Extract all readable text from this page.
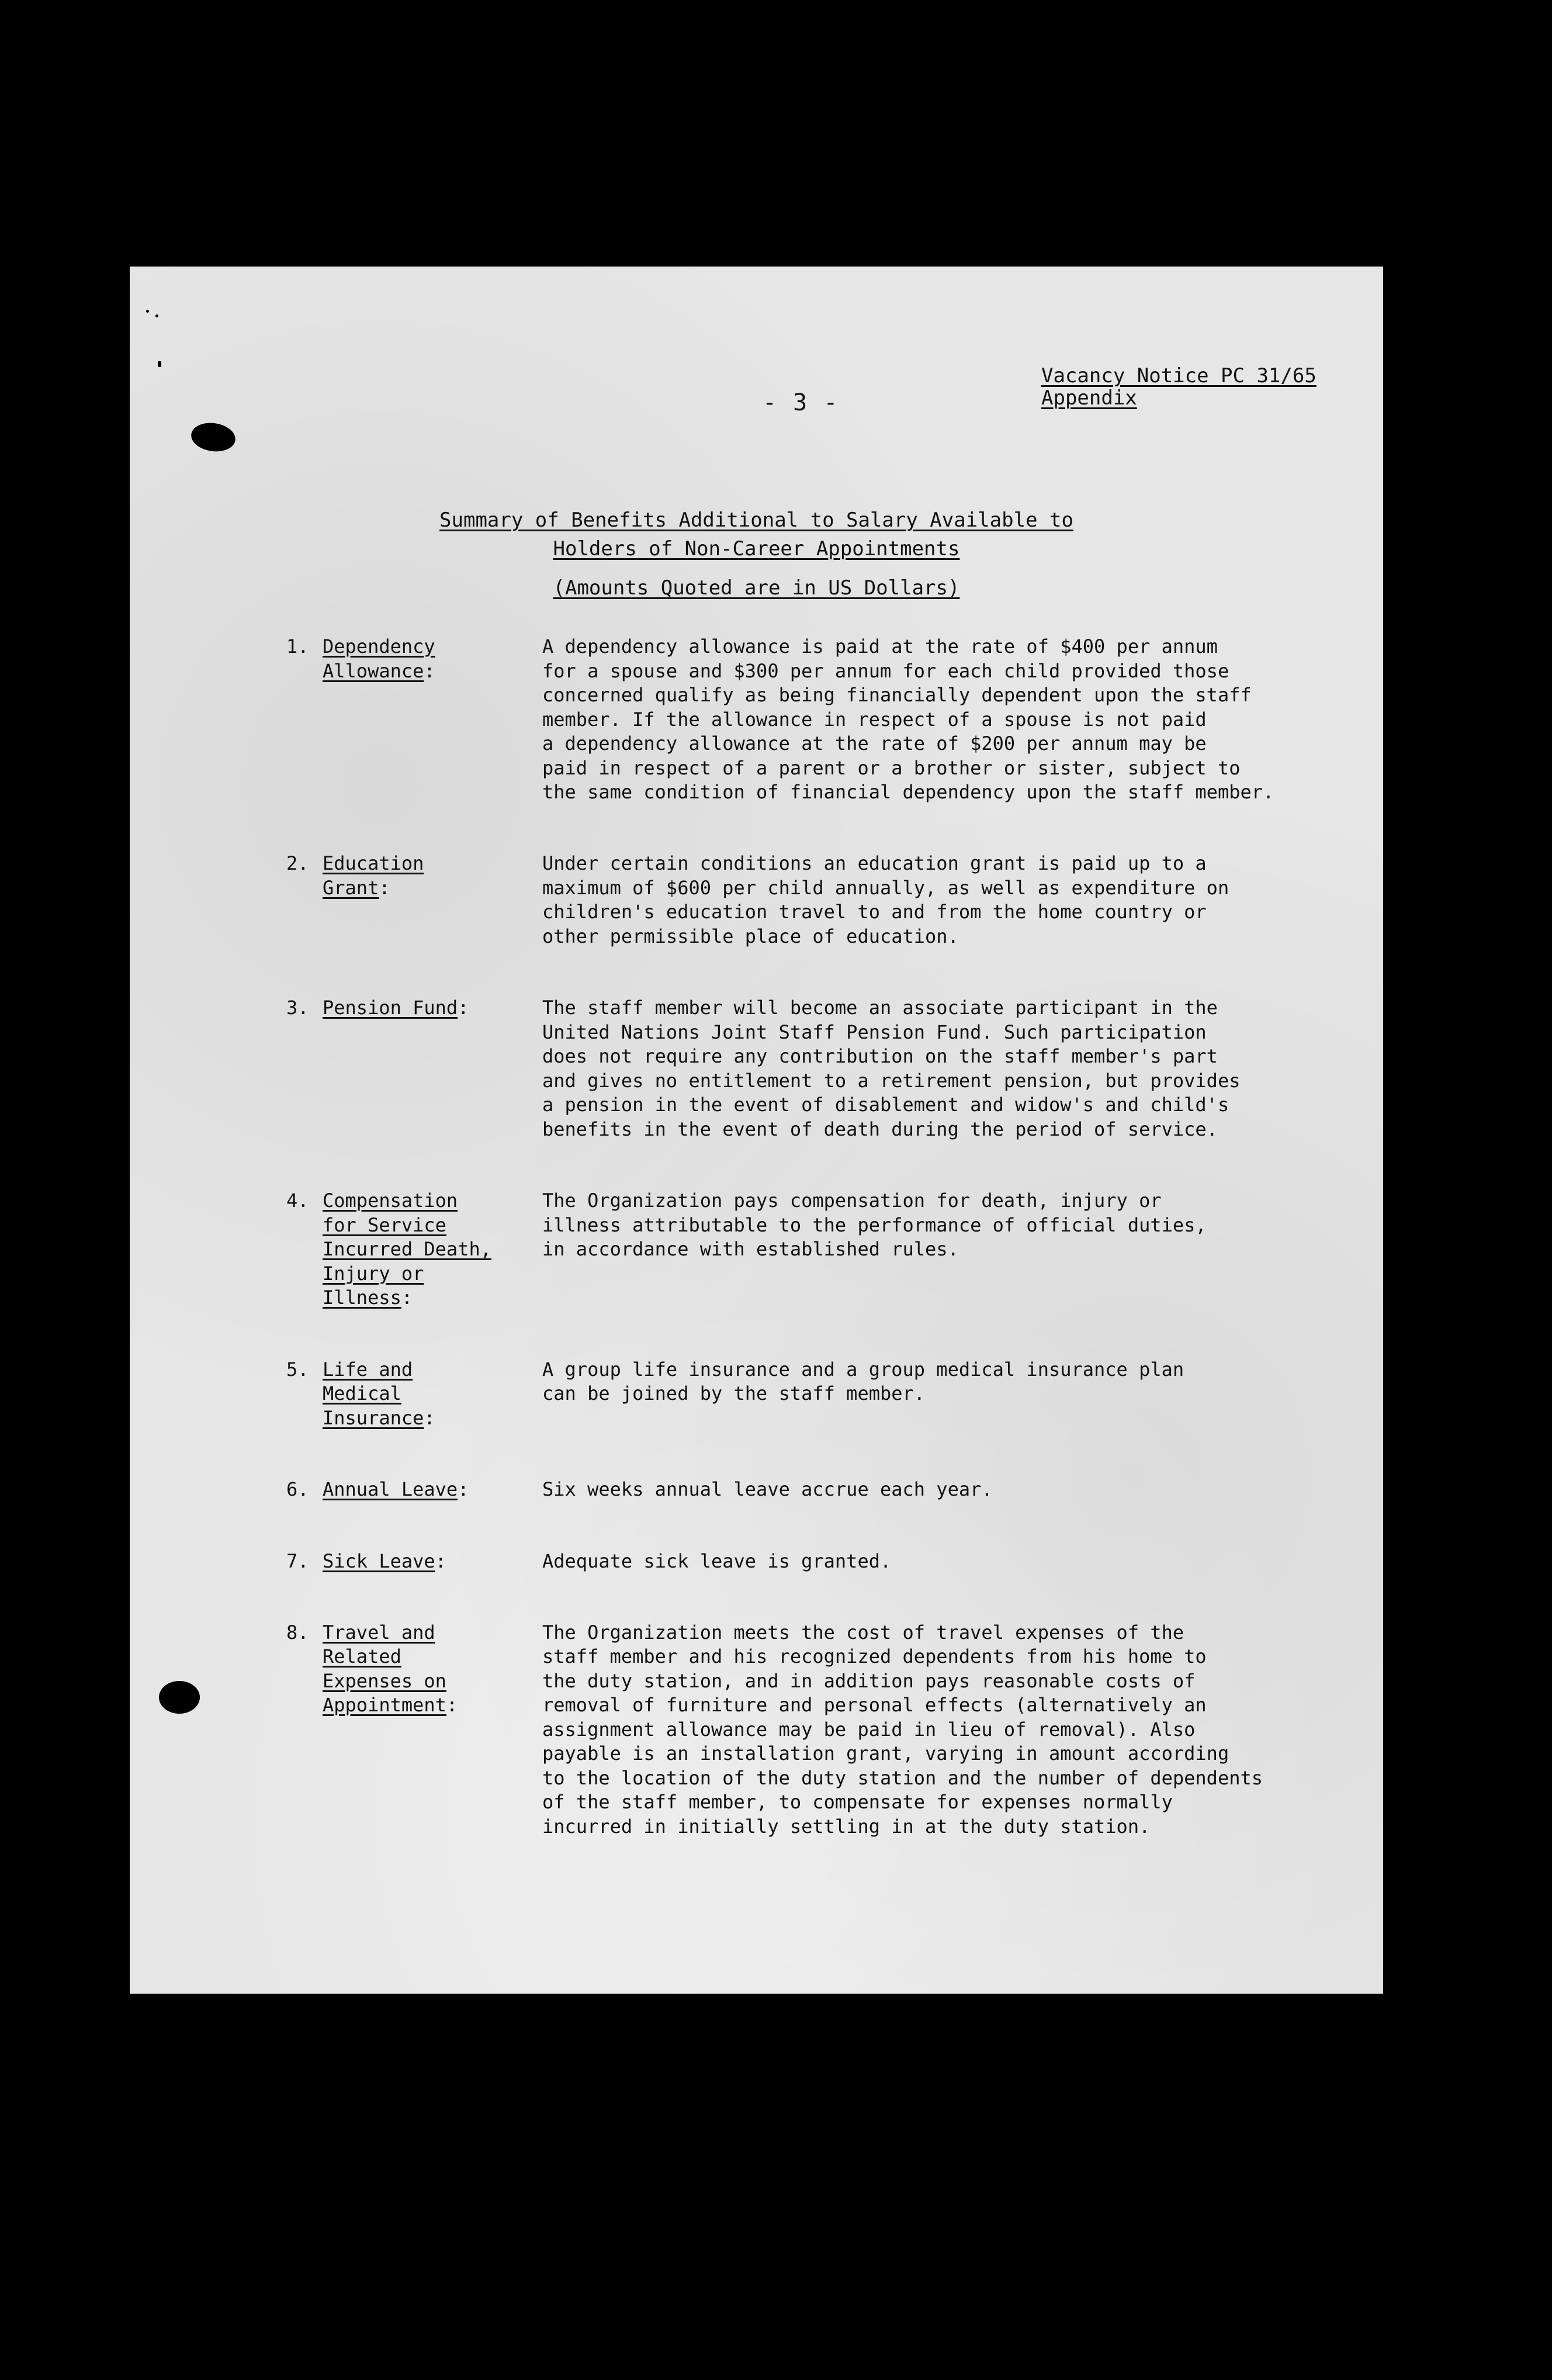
- 3 -
Vacancy Notice PC 31/65
Appendix
Summary of Benefits Additional to Salary Available to
Holders of Non-Career Appointments
(Amounts Quoted are in US Dollars)
1. Dependency
Allowance:
A dependency allowance is paid at the rate of $400 per annum
for a spouse and $300 per annum for each child provided those
concerned qualify as being financially dependent upon the staff
member. If the allowance in respect of a spouse is not paid
a dependency allowance at the rate of $200 per annum may be
paid in respect of a parent or a brother or sister, subject to
the same condition of financial dependency upon the staff member.
2. Education
Grant:
Under certain conditions an education grant is paid up to a
maximum of $600 per child annually, as well as expenditure on
children's education travel to and from the home country or
other permissible place of education.
3. Pension Fund:	The staff member will become an associate participant in the
United Nations Joint Staff Pension Fund. Such participation
does not require any contribution on the staff member's part
and gives no entitlement to a retirement pension, but provides
a pension in the event of disablement and widow's and child's
benefits in the event of death during the period of service.
4. Compensation
for Service
Incurred Death,
Injury or
Illness:
The Organization pays compensation for death, injury or
illness attributable to the performance of official duties,
in accordance with established rules.
5. Life and
Medical
Insurance:
A group life insurance and a group medical insurance plan
can be joined by the staff member.
6. Annual Leave:	Six weeks annual leave accrue each year.
7. Sick Leave:	Adequate sick leave is granted.
8. Travel and
Related
Expenses on
Appointment:
The Organization meets the cost of travel expenses of the
staff member and his recognized dependents from his home to
the duty station, and in addition pays reasonable costs of
removal of furniture and personal effects (alternatively an
assignment allowance may be paid in lieu of removal). Also
payable is an installation grant, varying in amount according
to the location of the duty station and the number of dependents
of the staff member, to compensate for expenses normally
incurred in initially settling in at the duty station.
